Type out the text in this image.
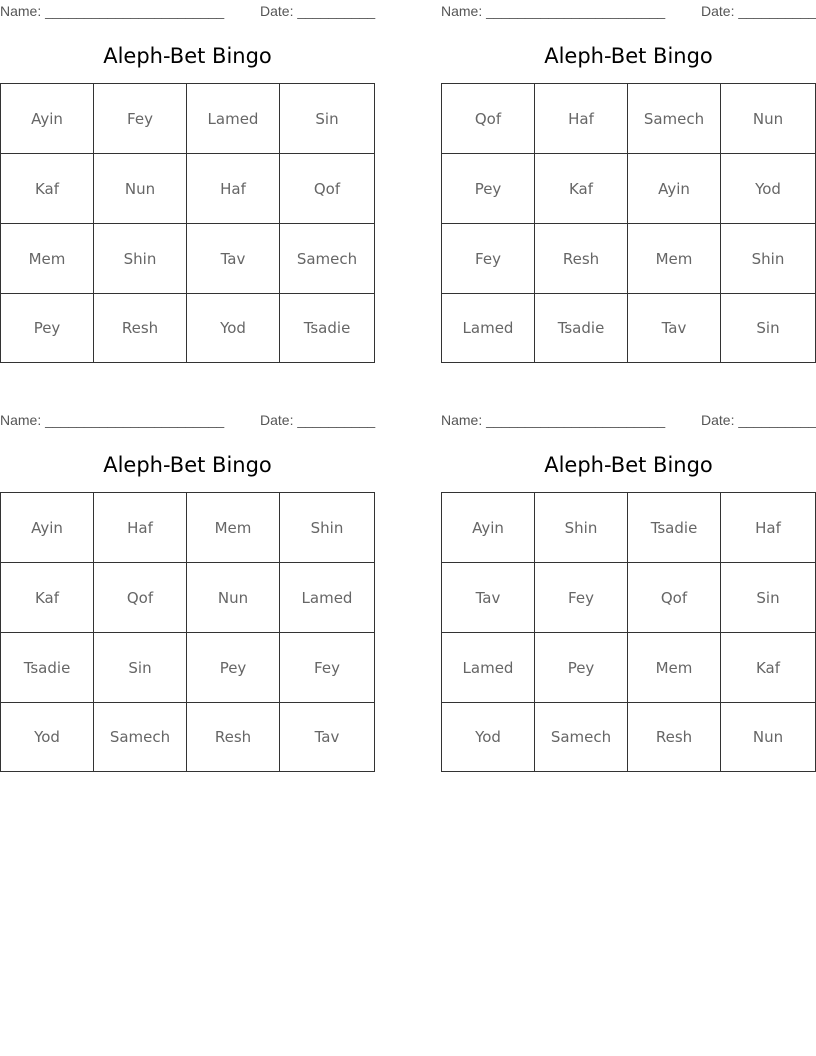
Name: _______________________	Date: __________
Aleph-Bet Bingo
Ayin	Fey	Lamed	Sin
Kaf	Nun	Haf	Qof
Mem	Shin	Tav	Samech
Pey	Resh	Yod	Tsadie
Name: _______________________	Date: __________
Aleph-Bet Bingo
Qof	Haf	Samech	Nun
Pey	Kaf	Ayin	Yod
Fey	Resh	Mem	Shin
Lamed	Tsadie	Tav	Sin
Name: _______________________	Date: __________
Aleph-Bet Bingo
Ayin	Haf	Mem	Shin
Kaf	Qof	Nun	Lamed
Tsadie	Sin	Pey	Fey
Yod	Samech	Resh	Tav
Name: _______________________	Date: __________
Aleph-Bet Bingo
Ayin	Shin	Tsadie	Haf
Tav	Fey	Qof	Sin
Lamed	Pey	Mem	Kaf
Yod	Samech	Resh	Nun
